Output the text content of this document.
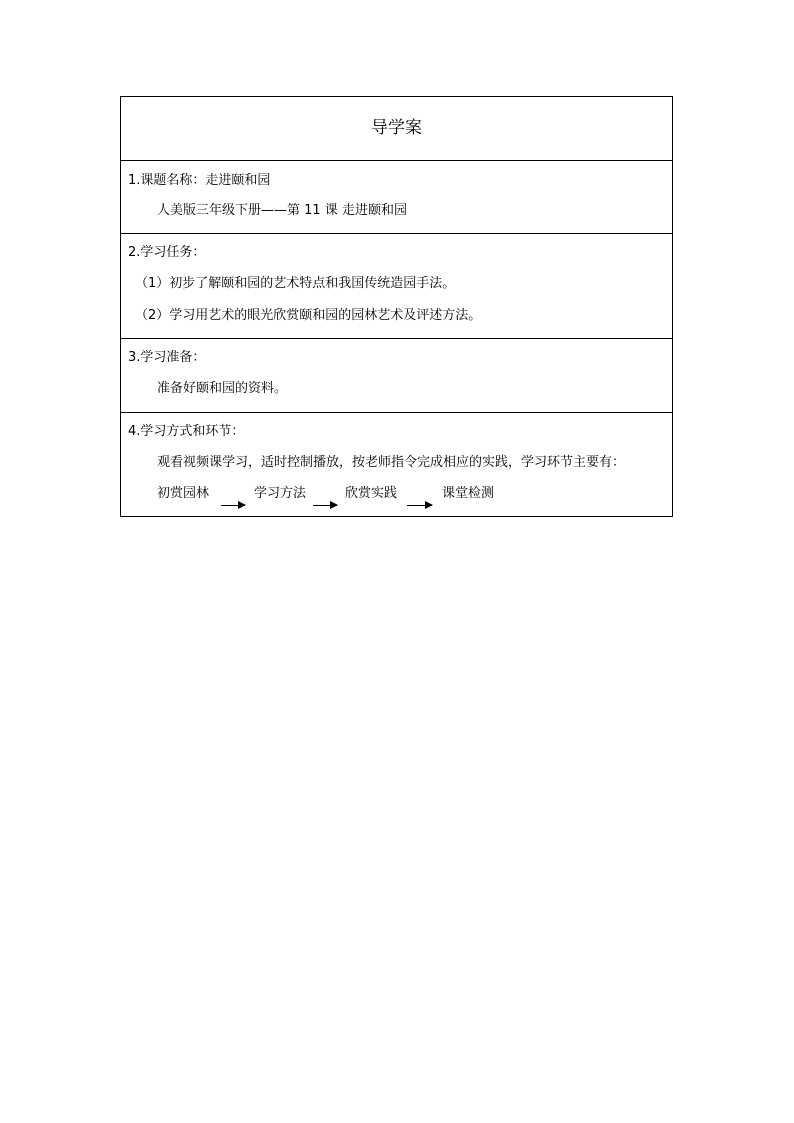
导学案
1.课题名称：走进颐和园
人美版三年级下册——第 11 课 走进颐和园
2.学习任务：
（1）初步了解颐和园的艺术特点和我国传统造园手法。
（2）学习用艺术的眼光欣赏颐和园的园林艺术及评述方法。
3.学习准备：
准备好颐和园的资料。
4.学习方式和环节：
观看视频课学习，适时控制播放，按老师指令完成相应的实践，学习环节主要有：
初赏园林	学习方法	欣赏实践	课堂检测
